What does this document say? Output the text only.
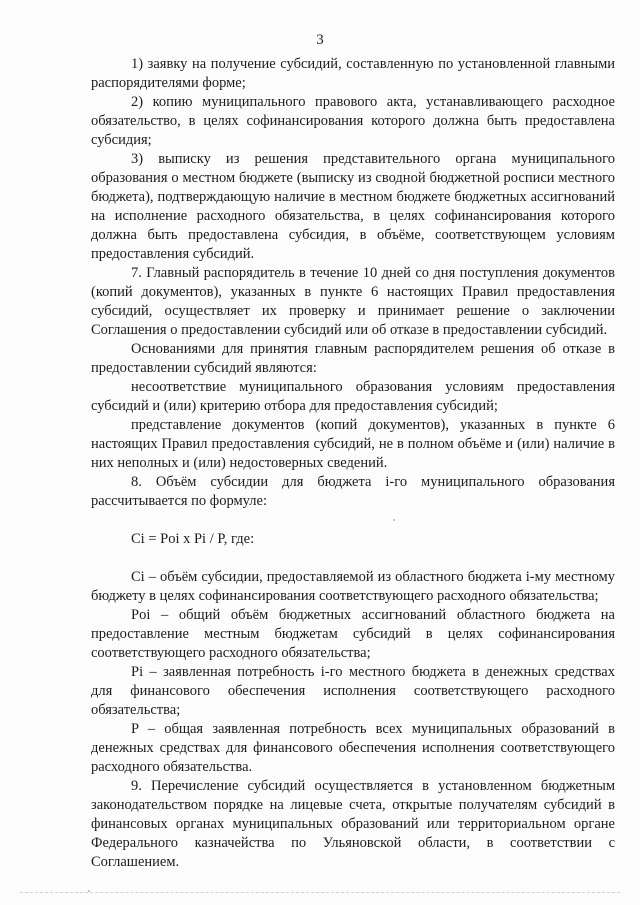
3

1) заявку на получение субсидий, составленную по установленной главными распорядителями форме;

2) копию муниципального правового акта, устанавливающего расходное обязательство, в целях софинансирования которого должна быть предоставлена субсидия;

3) выписку из решения представительного органа муниципального образования о местном бюджете (выписку из сводной бюджетной росписи местного бюджета), подтверждающую наличие в местном бюджете бюджетных ассигнований на исполнение расходного обязательства, в целях софинансирования которого должна быть предоставлена субсидия, в объёме, соответствующем условиям предоставления субсидий.

7. Главный распорядитель в течение 10 дней со дня поступления документов (копий документов), указанных в пункте 6 настоящих Правил предоставления субсидий, осуществляет их проверку и принимает решение о заключении Соглашения о предоставлении субсидий или об отказе в предоставлении субсидий.

Основаниями для принятия главным распорядителем решения об отказе в предоставлении субсидий являются:

несоответствие муниципального образования условиям предоставления субсидий и (или) критерию отбора для предоставления субсидий;

представление документов (копий документов), указанных в пункте 6 настоящих Правил предоставления субсидий, не в полном объёме и (или) наличие в них неполных и (или) недостоверных сведений.

8. Объём субсидии для бюджета i-го муниципального образования рассчитывается по формуле:

Ci = Poi x Pi / P, где:

Ci – объём субсидии, предоставляемой из областного бюджета i-му местному бюджету в целях софинансирования соответствующего расходного обязательства;

Poi – общий объём бюджетных ассигнований областного бюджета на предоставление местным бюджетам субсидий в целях софинансирования соответствующего расходного обязательства;

Рi – заявленная потребность i-го местного бюджета в денежных средствах для финансового обеспечения исполнения соответствующего расходного обязательства;

P – общая заявленная потребность всех муниципальных образований в денежных средствах для финансового обеспечения исполнения соответствующего расходного обязательства.

9. Перечисление субсидий осуществляется в установленном бюджетным законодательством порядке на лицевые счета, открытые получателям субсидий в финансовых органах муниципальных образований или территориальном органе Федерального казначейства по Ульяновской области, в соответствии с Соглашением.
